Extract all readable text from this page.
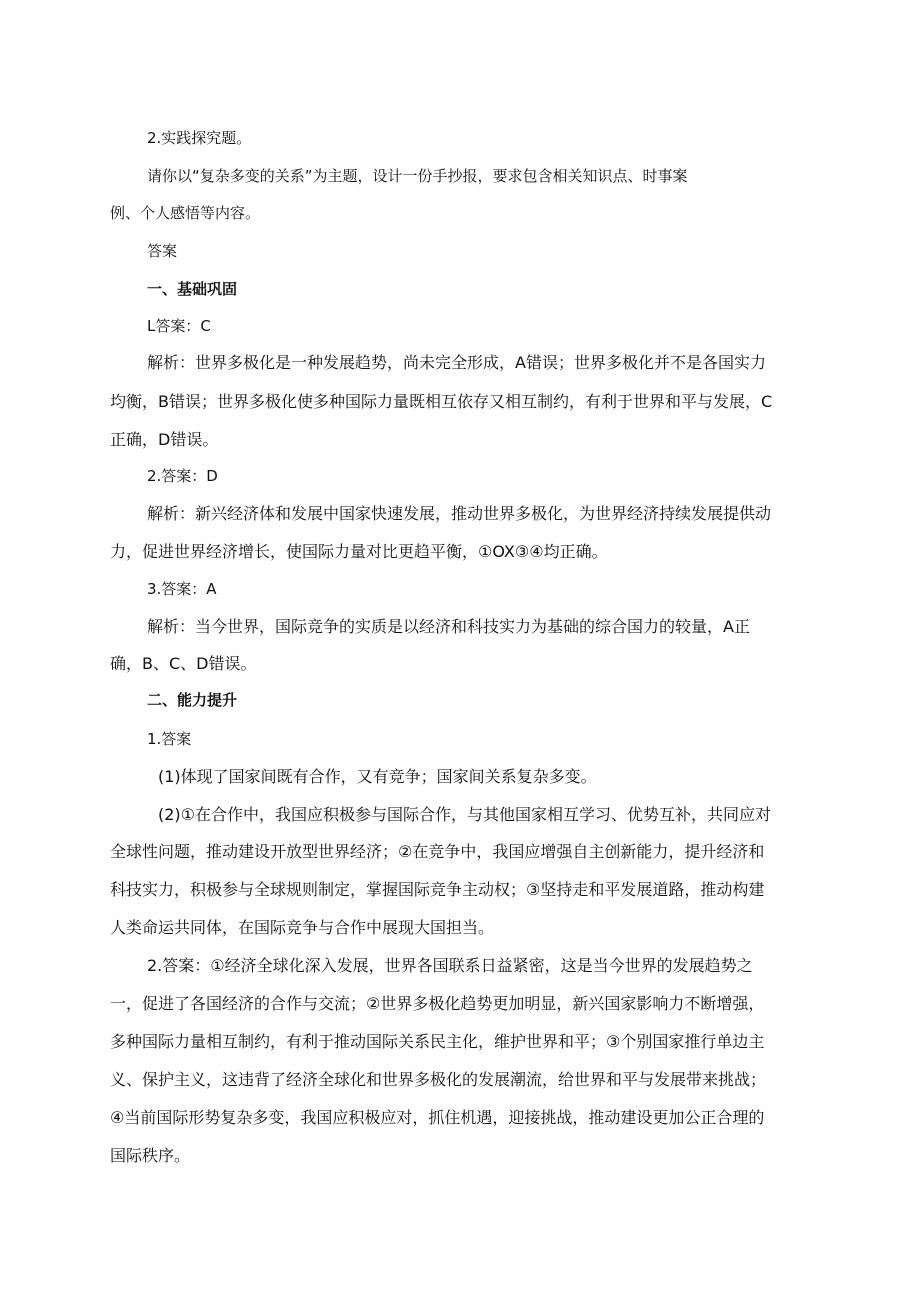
2.实践探究题。

请你以“复杂多变的关系”为主题，设计一份手抄报，要求包含相关知识点、时事案

例、个人感悟等内容。

答案

一、基础巩固

L答案：C

解析：世界多极化是一种发展趋势，尚未完全形成，A错误；世界多极化并不是各国实力

均衡，B错误；世界多极化使多种国际力量既相互依存又相互制约，有利于世界和平与发展，C

正确，D错误。

2.答案：D

解析：新兴经济体和发展中国家快速发展，推动世界多极化，为世界经济持续发展提供动

力，促进世界经济增长，使国际力量对比更趋平衡，①OX③④均正确。

3.答案：A

解析：当今世界，国际竞争的实质是以经济和科技实力为基础的综合国力的较量，A正

确，B、C、D错误。

二、能力提升

1.答案

(1)体现了国家间既有合作，又有竞争；国家间关系复杂多变。

(2)①在合作中，我国应积极参与国际合作，与其他国家相互学习、优势互补，共同应对

全球性问题，推动建设开放型世界经济；②在竞争中，我国应增强自主创新能力，提升经济和

科技实力，积极参与全球规则制定，掌握国际竞争主动权；③坚持走和平发展道路，推动构建

人类命运共同体，在国际竞争与合作中展现大国担当。

2.答案：①经济全球化深入发展，世界各国联系日益紧密，这是当今世界的发展趋势之

一，促进了各国经济的合作与交流；②世界多极化趋势更加明显，新兴国家影响力不断增强，

多种国际力量相互制约，有利于推动国际关系民主化，维护世界和平；③个别国家推行单边主

义、保护主义，这违背了经济全球化和世界多极化的发展潮流，给世界和平与发展带来挑战；

④当前国际形势复杂多变，我国应积极应对，抓住机遇，迎接挑战，推动建设更加公正合理的

国际秩序。
